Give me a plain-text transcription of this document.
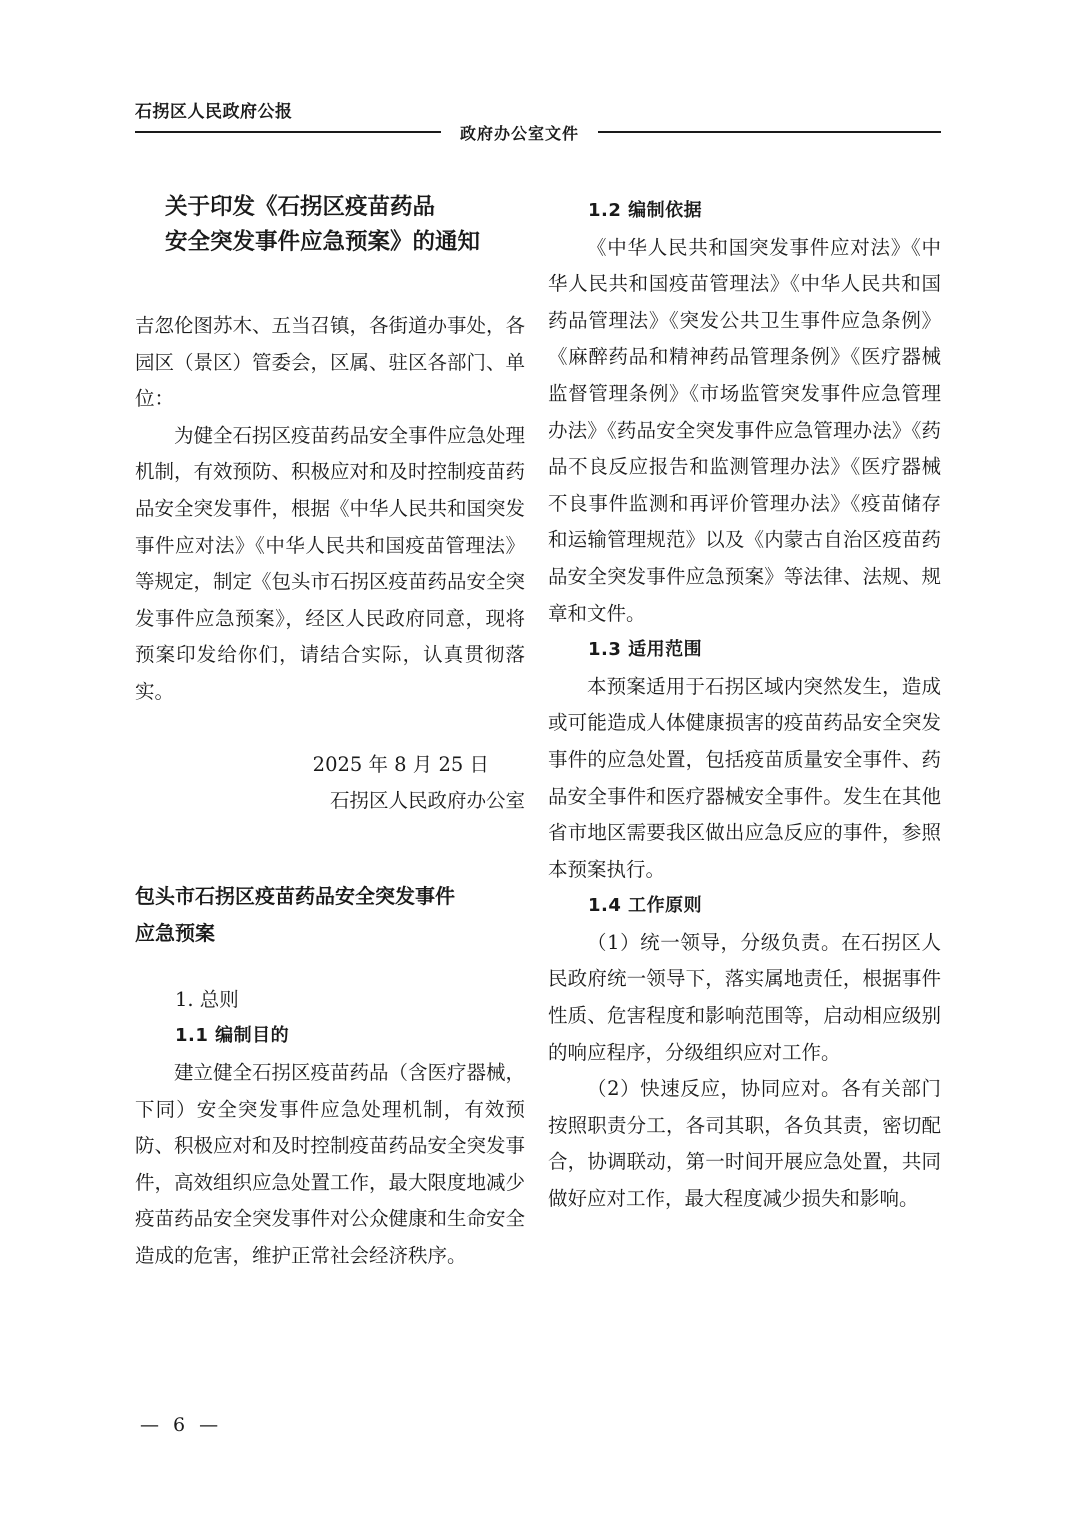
石拐区人民政府公报
政府办公室文件

关于印发《石拐区疫苗药品

安全突发事件应急预案》的通知

吉忽伦图苏木、五当召镇，各街道办事处，各园区（景区）管委会，区属、驻区各部门、单位：

为健全石拐区疫苗药品安全事件应急处理机制，有效预防、积极应对和及时控制疫苗药品安全突发事件，根据《中华人民共和国突发事件应对法》《中华人民共和国疫苗管理法》等规定，制定《包头市石拐区疫苗药品安全突发事件应急预案》，经区人民政府同意，现将预案印发给你们，请结合实际，认真贯彻落实。

2025 年 8 月 25 日

石拐区人民政府办公室

包头市石拐区疫苗药品安全突发事件

应急预案

1. 总则

1.1 编制目的

建立健全石拐区疫苗药品（含医疗器械，下同）安全突发事件应急处理机制，有效预防、积极应对和及时控制疫苗药品安全突发事件，高效组织应急处置工作，最大限度地减少疫苗药品安全突发事件对公众健康和生命安全造成的危害，维护正常社会经济秩序。

1.2 编制依据

《中华人民共和国突发事件应对法》《中华人民共和国疫苗管理法》《中华人民共和国药品管理法》《突发公共卫生事件应急条例》《麻醉药品和精神药品管理条例》《医疗器械监督管理条例》《市场监管突发事件应急管理办法》《药品安全突发事件应急管理办法》《药品不良反应报告和监测管理办法》《医疗器械不良事件监测和再评价管理办法》《疫苗储存和运输管理规范》以及《内蒙古自治区疫苗药品安全突发事件应急预案》等法律、法规、规章和文件。

1.3 适用范围

本预案适用于石拐区域内突然发生，造成或可能造成人体健康损害的疫苗药品安全突发事件的应急处置，包括疫苗质量安全事件、药品安全事件和医疗器械安全事件。发生在其他省市地区需要我区做出应急反应的事件，参照本预案执行。

1.4 工作原则

（1）统一领导，分级负责。在石拐区人民政府统一领导下，落实属地责任，根据事件性质、危害程度和影响范围等，启动相应级别的响应程序，分级组织应对工作。

（2）快速反应，协同应对。各有关部门按照职责分工，各司其职，各负其责，密切配合，协调联动，第一时间开展应急处置，共同做好应对工作，最大程度减少损失和影响。

— 6 —
